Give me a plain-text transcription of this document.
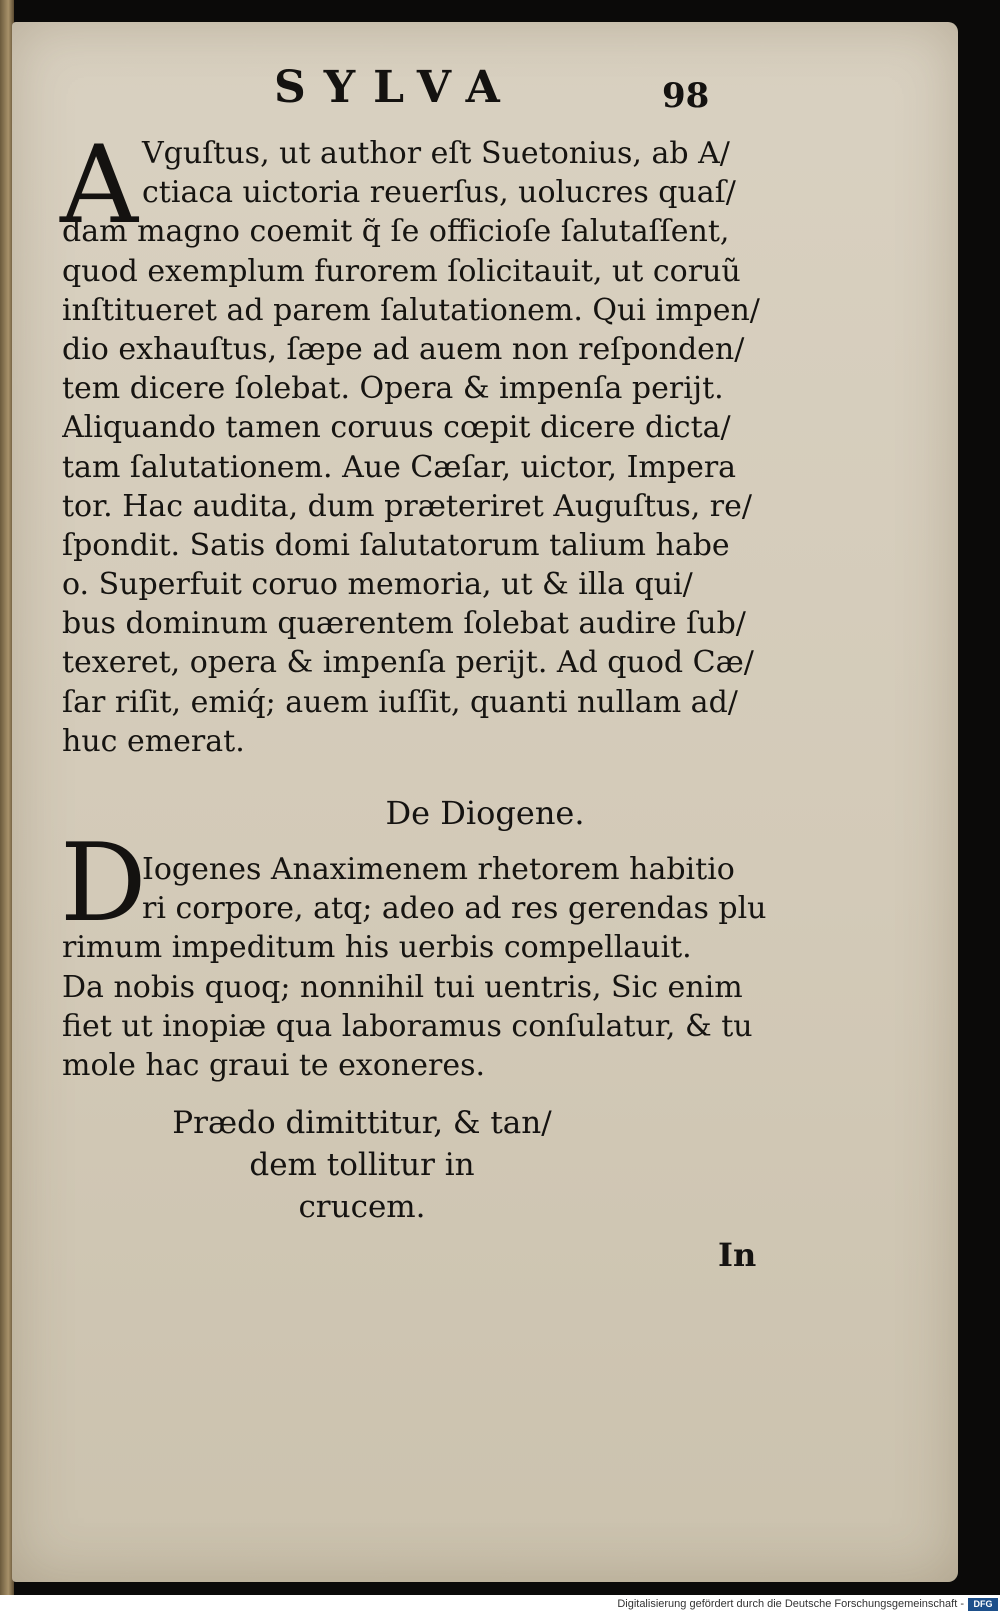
SYLVA	98
A Vguſtus, ut author eſt Suetonius, ab A/
ctiaca uictoria reuerſus, uolucres quaſ/
dam magno coemit q̃ ſe officioſe ſalutaſſent,
quod exemplum furorem ſolicitauit, ut coruũ
inſtitueret ad parem ſalutationem. Qui impen/
dio exhauſtus, ſæpe ad auem non reſponden/
tem dicere ſolebat. Opera & impenſa perijt.
Aliquando tamen coruus cœpit dicere dicta/
tam ſalutationem. Aue Cæſar, uictor, Impera
tor. Hac audita, dum præteriret Auguſtus, re/
ſpondit. Satis domi ſalutatorum talium habe
o. Superfuit coruo memoria, ut & illa qui/
bus dominum quærentem ſolebat audire ſub/
texeret, opera & impenſa perijt. Ad quod Cæ/
ſar riſit, emiq́; auem iuſſit, quanti nullam ad/
huc emerat.
De Diogene.
D
Iogenes Anaximenem rhetorem habitio
ri corpore, atq; adeo ad res gerendas plu
rimum impeditum his uerbis compellauit.
Da nobis quoq; nonnihil tui uentris, Sic enim
fiet ut inopiæ qua laboramus conſulatur, & tu
mole hac graui te exoneres.
Prædo dimittitur, & tan/
dem tollitur in
crucem.
In
Digitalisierung gefördert durch die Deutsche Forschungsgemeinschaft -	DFG
